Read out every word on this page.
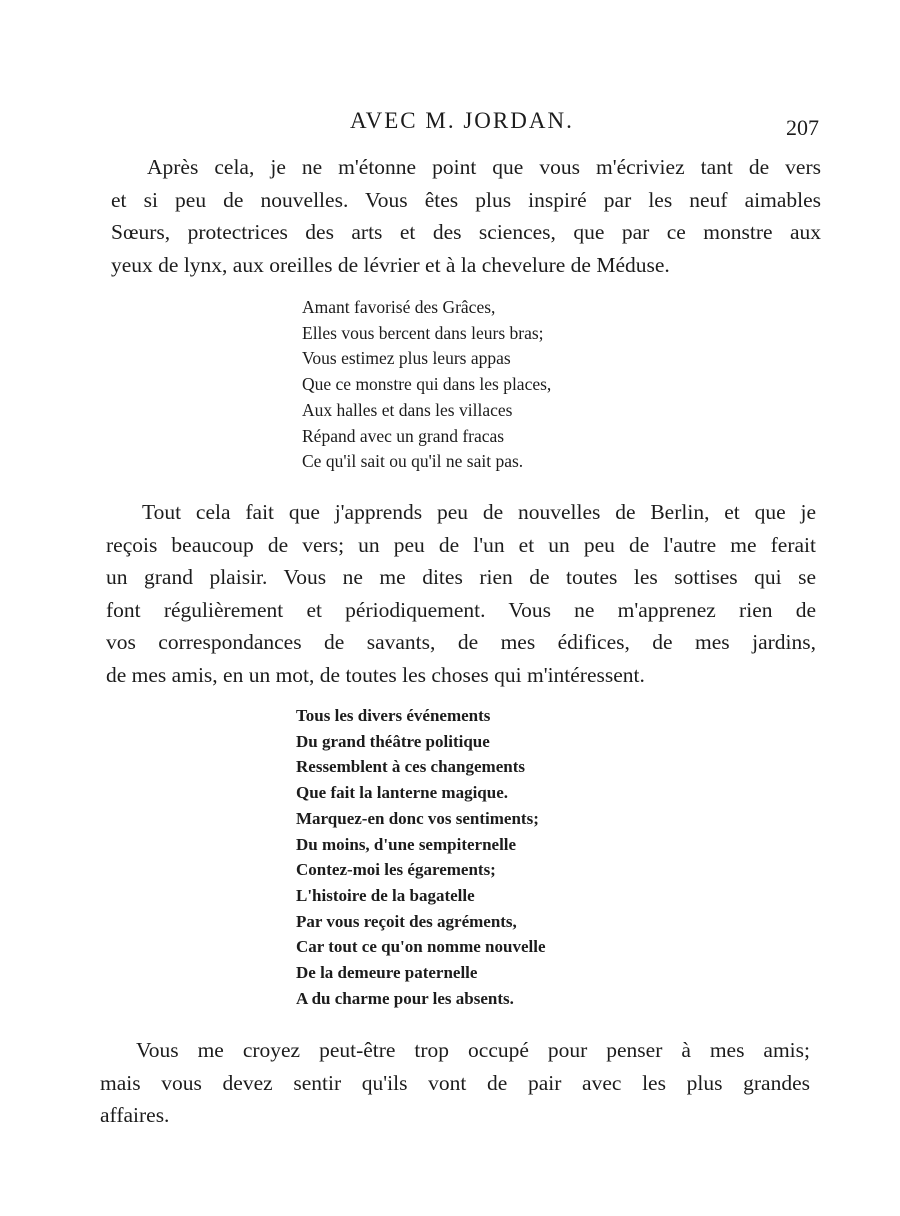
AVEC M. JORDAN.	207

Après cela, je ne m'étonne point que vous m'écriviez tant de vers
et si peu de nouvelles. Vous êtes plus inspiré par les neuf aimables
Sœurs, protectrices des arts et des sciences, que par ce monstre aux
yeux de lynx, aux oreilles de lévrier et à la chevelure de Méduse.

Amant favorisé des Grâces,
Elles vous bercent dans leurs bras;
Vous estimez plus leurs appas
Que ce monstre qui dans les places,
Aux halles et dans les villaces
Répand avec un grand fracas
Ce qu'il sait ou qu'il ne sait pas.

Tout cela fait que j'apprends peu de nouvelles de Berlin, et que je
reçois beaucoup de vers; un peu de l'un et un peu de l'autre me ferait
un grand plaisir. Vous ne me dites rien de toutes les sottises qui se
font régulièrement et périodiquement. Vous ne m'apprenez rien de
vos correspondances de savants, de mes édifices, de mes jardins,
de mes amis, en un mot, de toutes les choses qui m'intéressent.

Tous les divers événements
Du grand théâtre politique
Ressemblent à ces changements
Que fait la lanterne magique.
Marquez-en donc vos sentiments;
Du moins, d'une sempiternelle
Contez-moi les égarements;
L'histoire de la bagatelle
Par vous reçoit des agréments,
Car tout ce qu'on nomme nouvelle
De la demeure paternelle
A du charme pour les absents.

Vous me croyez peut-être trop occupé pour penser à mes amis;
mais vous devez sentir qu'ils vont de pair avec les plus grandes
affaires.
